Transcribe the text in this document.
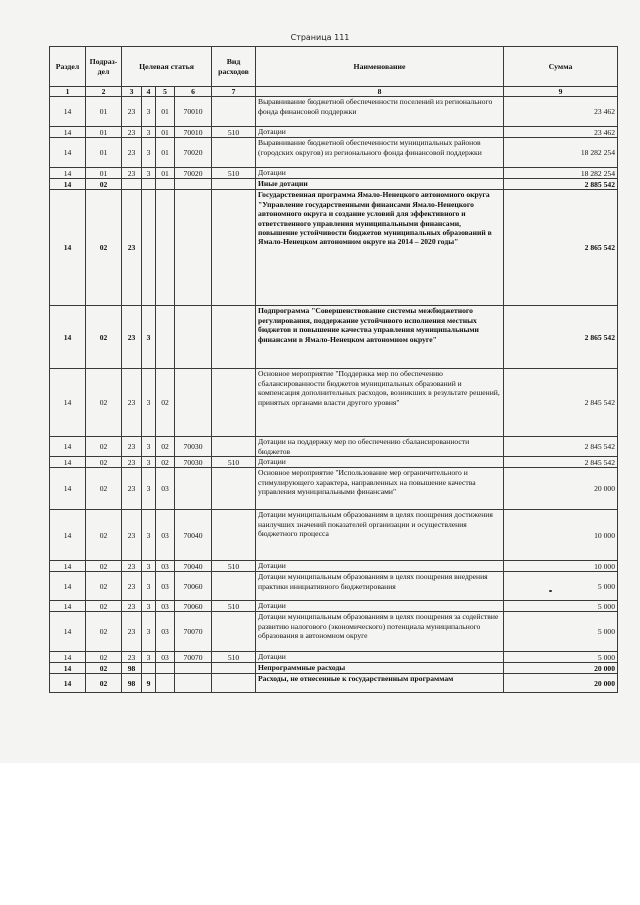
Страница 111
Раздел	Подраз-дел	Целевая статья				Вид расходов	Наименование	Сумма
1	2	3	4	5	6	7	8	9
14	01	23	3	01	70010		Выравнивание бюджетной обеспеченности поселений из регионального фонда финансовой поддержки	23 462
14	01	23	3	01	70010	510	Дотации	23 462
14	01	23	3	01	70020		Выравнивание бюджетной обеспеченности муниципальных районов (городских округов) из регионального фонда финансовой поддержки	18 282 254
14	01	23	3	01	70020	510	Дотации	18 282 254
14	02						Иные дотации	2 885 542
14	02	23					Государственная программа Ямало-Ненецкого автономного округа "Управление государственными финансами Ямало-Ненецкого автономного округа и создание условий для эффективного и ответственного управления муниципальными финансами, повышение устойчивости бюджетов муниципальных образований в Ямало-Ненецком автономном округе на 2014 – 2020 годы"	2 865 542
14	02	23	3				Подпрограмма "Совершенствование системы межбюджетного регулирования, поддержание устойчивого исполнения местных бюджетов и повышение качества управления муниципальными финансами в Ямало-Ненецком автономном округе"	2 865 542
14	02	23	3	02			Основное мероприятие "Поддержка мер по обеспечению сбалансированности бюджетов муниципальных образований и компенсация дополнительных расходов, возникших в результате решений, принятых органами власти другого уровня"	2 845 542
14	02	23	3	02	70030		Дотации на поддержку мер по обеспечению сбалансированности бюджетов	2 845 542
14	02	23	3	02	70030	510	Дотации	2 845 542
14	02	23	3	03			Основное мероприятие "Использование мер ограничительного и стимулирующего характера, направленных на повышение качества управления муниципальными финансами"	20 000
14	02	23	3	03	70040		Дотации муниципальным образованиям в целях поощрения достижения наилучших значений показателей организации и осуществления бюджетного процесса	10 000
14	02	23	3	03	70040	510	Дотации	10 000
14	02	23	3	03	70060		Дотации муниципальным образованиям в целях поощрения внедрения практики инициативного бюджетирования	5 000
14	02	23	3	03	70060	510	Дотации	5 000
14	02	23	3	03	70070		Дотации муниципальным образованиям в целях поощрения за содействие развитию налогового (экономического) потенциала муниципального образования в автономном округе	5 000
14	02	23	3	03	70070	510	Дотации	5 000
14	02	98					Непрограммные расходы	20 000
14	02	98	9				Расходы, не отнесенные к государственным программам	20 000
